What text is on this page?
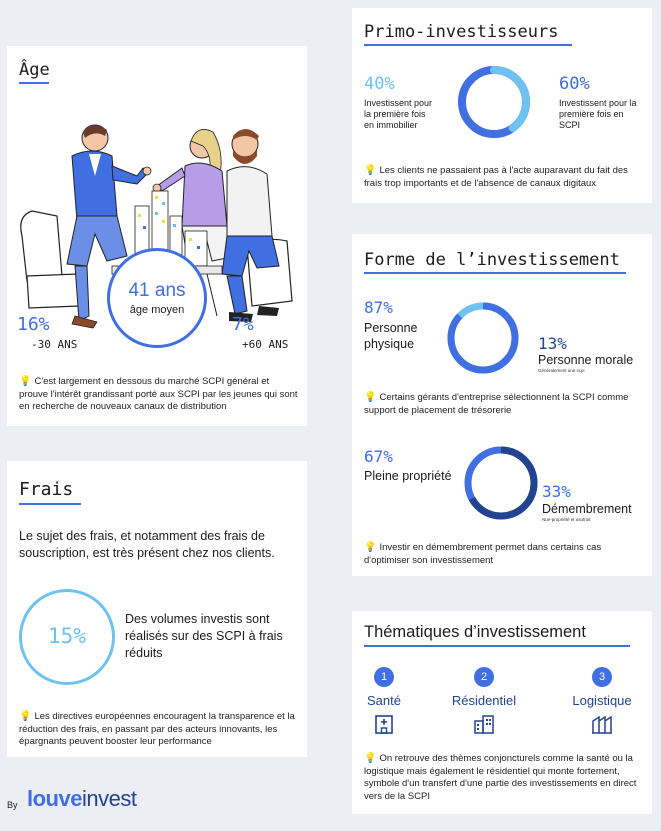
Âge
41 ans
âge moyen
16%
-30 ANS
7%
+60 ANS
💡 C'est largement en dessous du marché SCPI général et prouve l'intérêt grandissant porté aux SCPI par les jeunes qui sont en recherche de nouveaux canaux de distribution
Primo-investisseurs
40%
Investissent pour la première fois en immobilier
60%
Investissent pour la première fois en SCPI
💡 Les clients ne passaient pas à l'acte auparavant du fait des frais trop importants et de l'absence de canaux digitaux
Forme de l’investissement
87%
Personne physique	13%
Personne morale
Généralement une scpi
💡 Certains gérants d'entreprise sélectionnent la SCPI comme support de placement de trésorerie
67%
Pleine propriété
33%
Démembrement
Nue-propriété et usufruit
💡 Investir en démembrement permet dans certains cas d'optimiser son investissement
Frais
Le sujet des frais, et notamment des frais de souscription, est très présent chez nos clients.
15%
Des volumes investis sont réalisés sur des SCPI à frais réduits
💡 Les directives européennes encouragent la transparence et la réduction des frais, en passant par des acteurs innovants, les épargnants peuvent booster leur performance
Thématiques d’investissement
1
Santé
2
Résidentiel
3
Logistique
💡 On retrouve des thèmes conjoncturels comme la santé ou la logistique mais également le résidentiel qui monte fortement, symbole d'un transfert d'une partie des investissements en direct vers de la SCPI
By louveinvest
